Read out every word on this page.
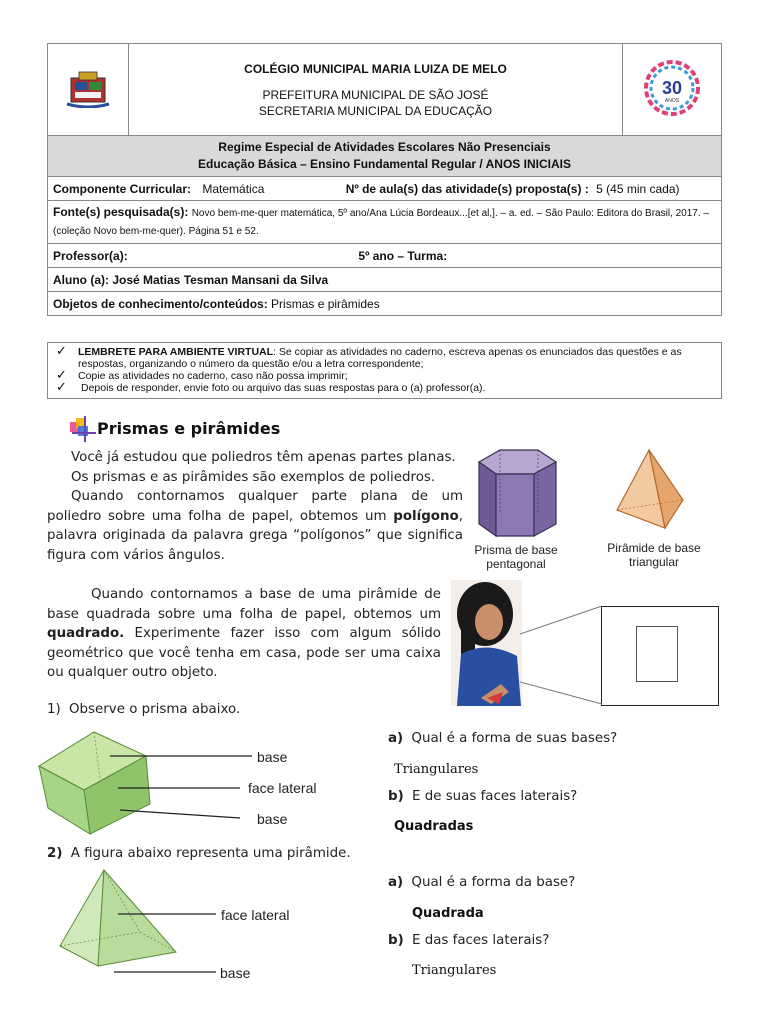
COLÉGIO MUNICIPAL MARIA LUIZA DE MELO
PREFEITURA MUNICIPAL DE SÃO JOSÉ
SECRETARIA MUNICIPAL DA EDUCAÇÃO

30
ANOS

Regime Especial de Atividades Escolares Não Presenciais
Educação Básica – Ensino Fundamental Regular / ANOS INICIAIS

Componente Curricular: Matemática	Nº de aula(s) das atividade(s) proposta(s) : 5 (45 min cada)
Fonte(s) pesquisada(s): Novo bem-me-quer matemática, 5º ano/Ana Lúcia Bordeaux...[et al,]. – a. ed. – São Paulo: Editora do Brasil, 2017. – (coleção Novo bem-me-quer). Página 51 e 52.
Professor(a):	5º ano – Turma:
Aluno (a): José Matias Tesman Mansani da Silva
Objetos de conhecimento/conteúdos: Prismas e pirâmides
✓ LEMBRETE PARA AMBIENTE VIRTUAL: Se copiar as atividades no caderno, escreva apenas os enunciados das questões e as respostas, organizando o número da questão e/ou a letra correspondente;
✓ Copie as atividades no caderno, caso não possa imprimir;
✓ Depois de responder, envie foto ou arquivo das suas respostas para o (a) professor(a).
Prismas e pirâmides
Você já estudou que poliedros têm apenas partes planas.
Os prismas e as pirâmides são exemplos de poliedros.
Quando contornamos qualquer parte plana de um poliedro sobre uma folha de papel, obtemos um polígono, palavra originada da palavra grega “polígonos” que significa figura com vários ângulos.
Quando contornamos a base de uma pirâmide de base quadrada sobre uma folha de papel, obtemos um quadrado. Experimente fazer isso com algum sólido geométrico que você tenha em casa, pode ser uma caixa ou qualquer outro objeto.
Prisma de base pentagonal
Pirâmide de base triangular
1) Observe o prisma abaixo.
base
face lateral
base
a) Qual é a forma de suas bases?
Triangulares
b) E de suas faces laterais?
Quadradas
2) A figura abaixo representa uma pirâmide.
face lateral
base
a) Qual é a forma da base?
Quadrada
b) E das faces laterais?
Triangulares
